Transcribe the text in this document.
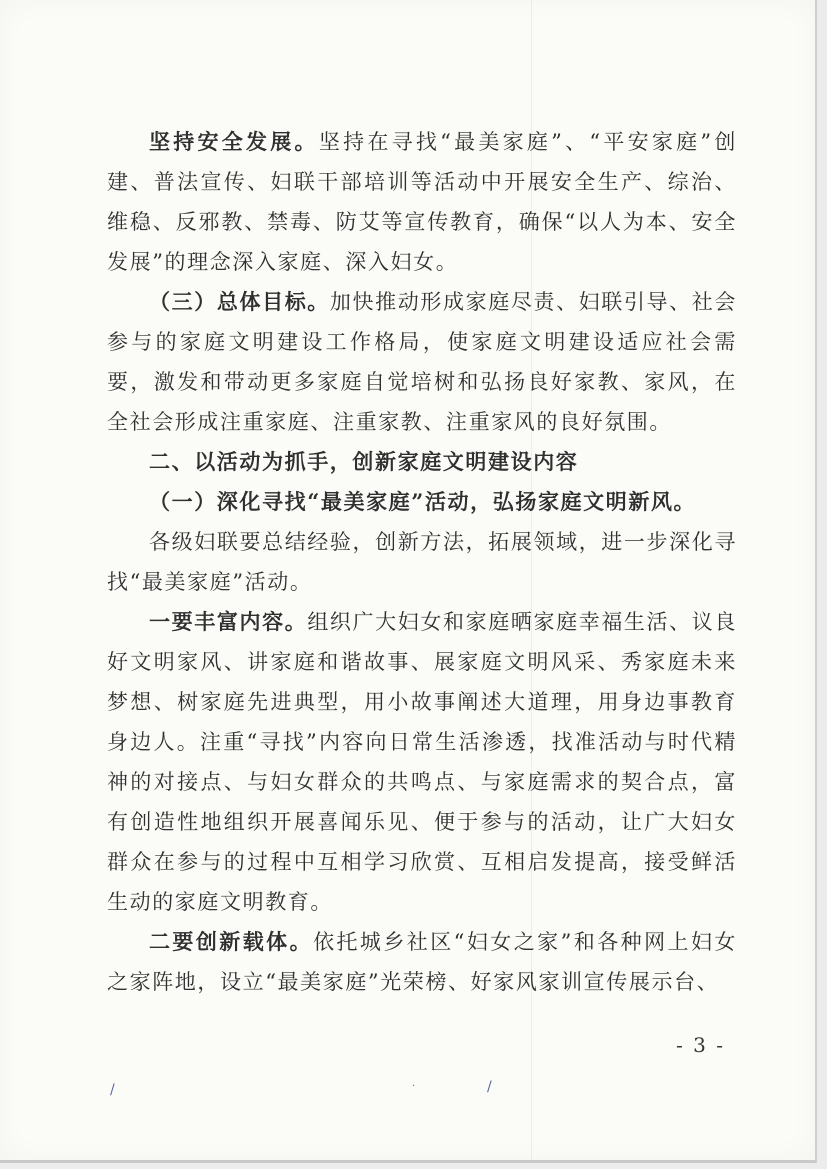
坚持安全发展。坚持在寻找“最美家庭”、“平安家庭”创建、普法宣传、妇联干部培训等活动中开展安全生产、综治、维稳、反邪教、禁毒、防艾等宣传教育，确保“以人为本、安全发展”的理念深入家庭、深入妇女。

（三）总体目标。加快推动形成家庭尽责、妇联引导、社会参与的家庭文明建设工作格局，使家庭文明建设适应社会需要，激发和带动更多家庭自觉培树和弘扬良好家教、家风，在全社会形成注重家庭、注重家教、注重家风的良好氛围。

二、以活动为抓手，创新家庭文明建设内容

（一）深化寻找“最美家庭”活动，弘扬家庭文明新风。

各级妇联要总结经验，创新方法，拓展领域，进一步深化寻找“最美家庭”活动。

一要丰富内容。组织广大妇女和家庭晒家庭幸福生活、议良好文明家风、讲家庭和谐故事、展家庭文明风采、秀家庭未来梦想、树家庭先进典型，用小故事阐述大道理，用身边事教育身边人。注重“寻找”内容向日常生活渗透，找准活动与时代精神的对接点、与妇女群众的共鸣点、与家庭需求的契合点，富有创造性地组织开展喜闻乐见、便于参与的活动，让广大妇女群众在参与的过程中互相学习欣赏、互相启发提高，接受鲜活生动的家庭文明教育。

二要创新载体。依托城乡社区“妇女之家”和各种网上妇女之家阵地，设立“最美家庭”光荣榜、好家风家训宣传展示台、

- 3 -
/	/
·
